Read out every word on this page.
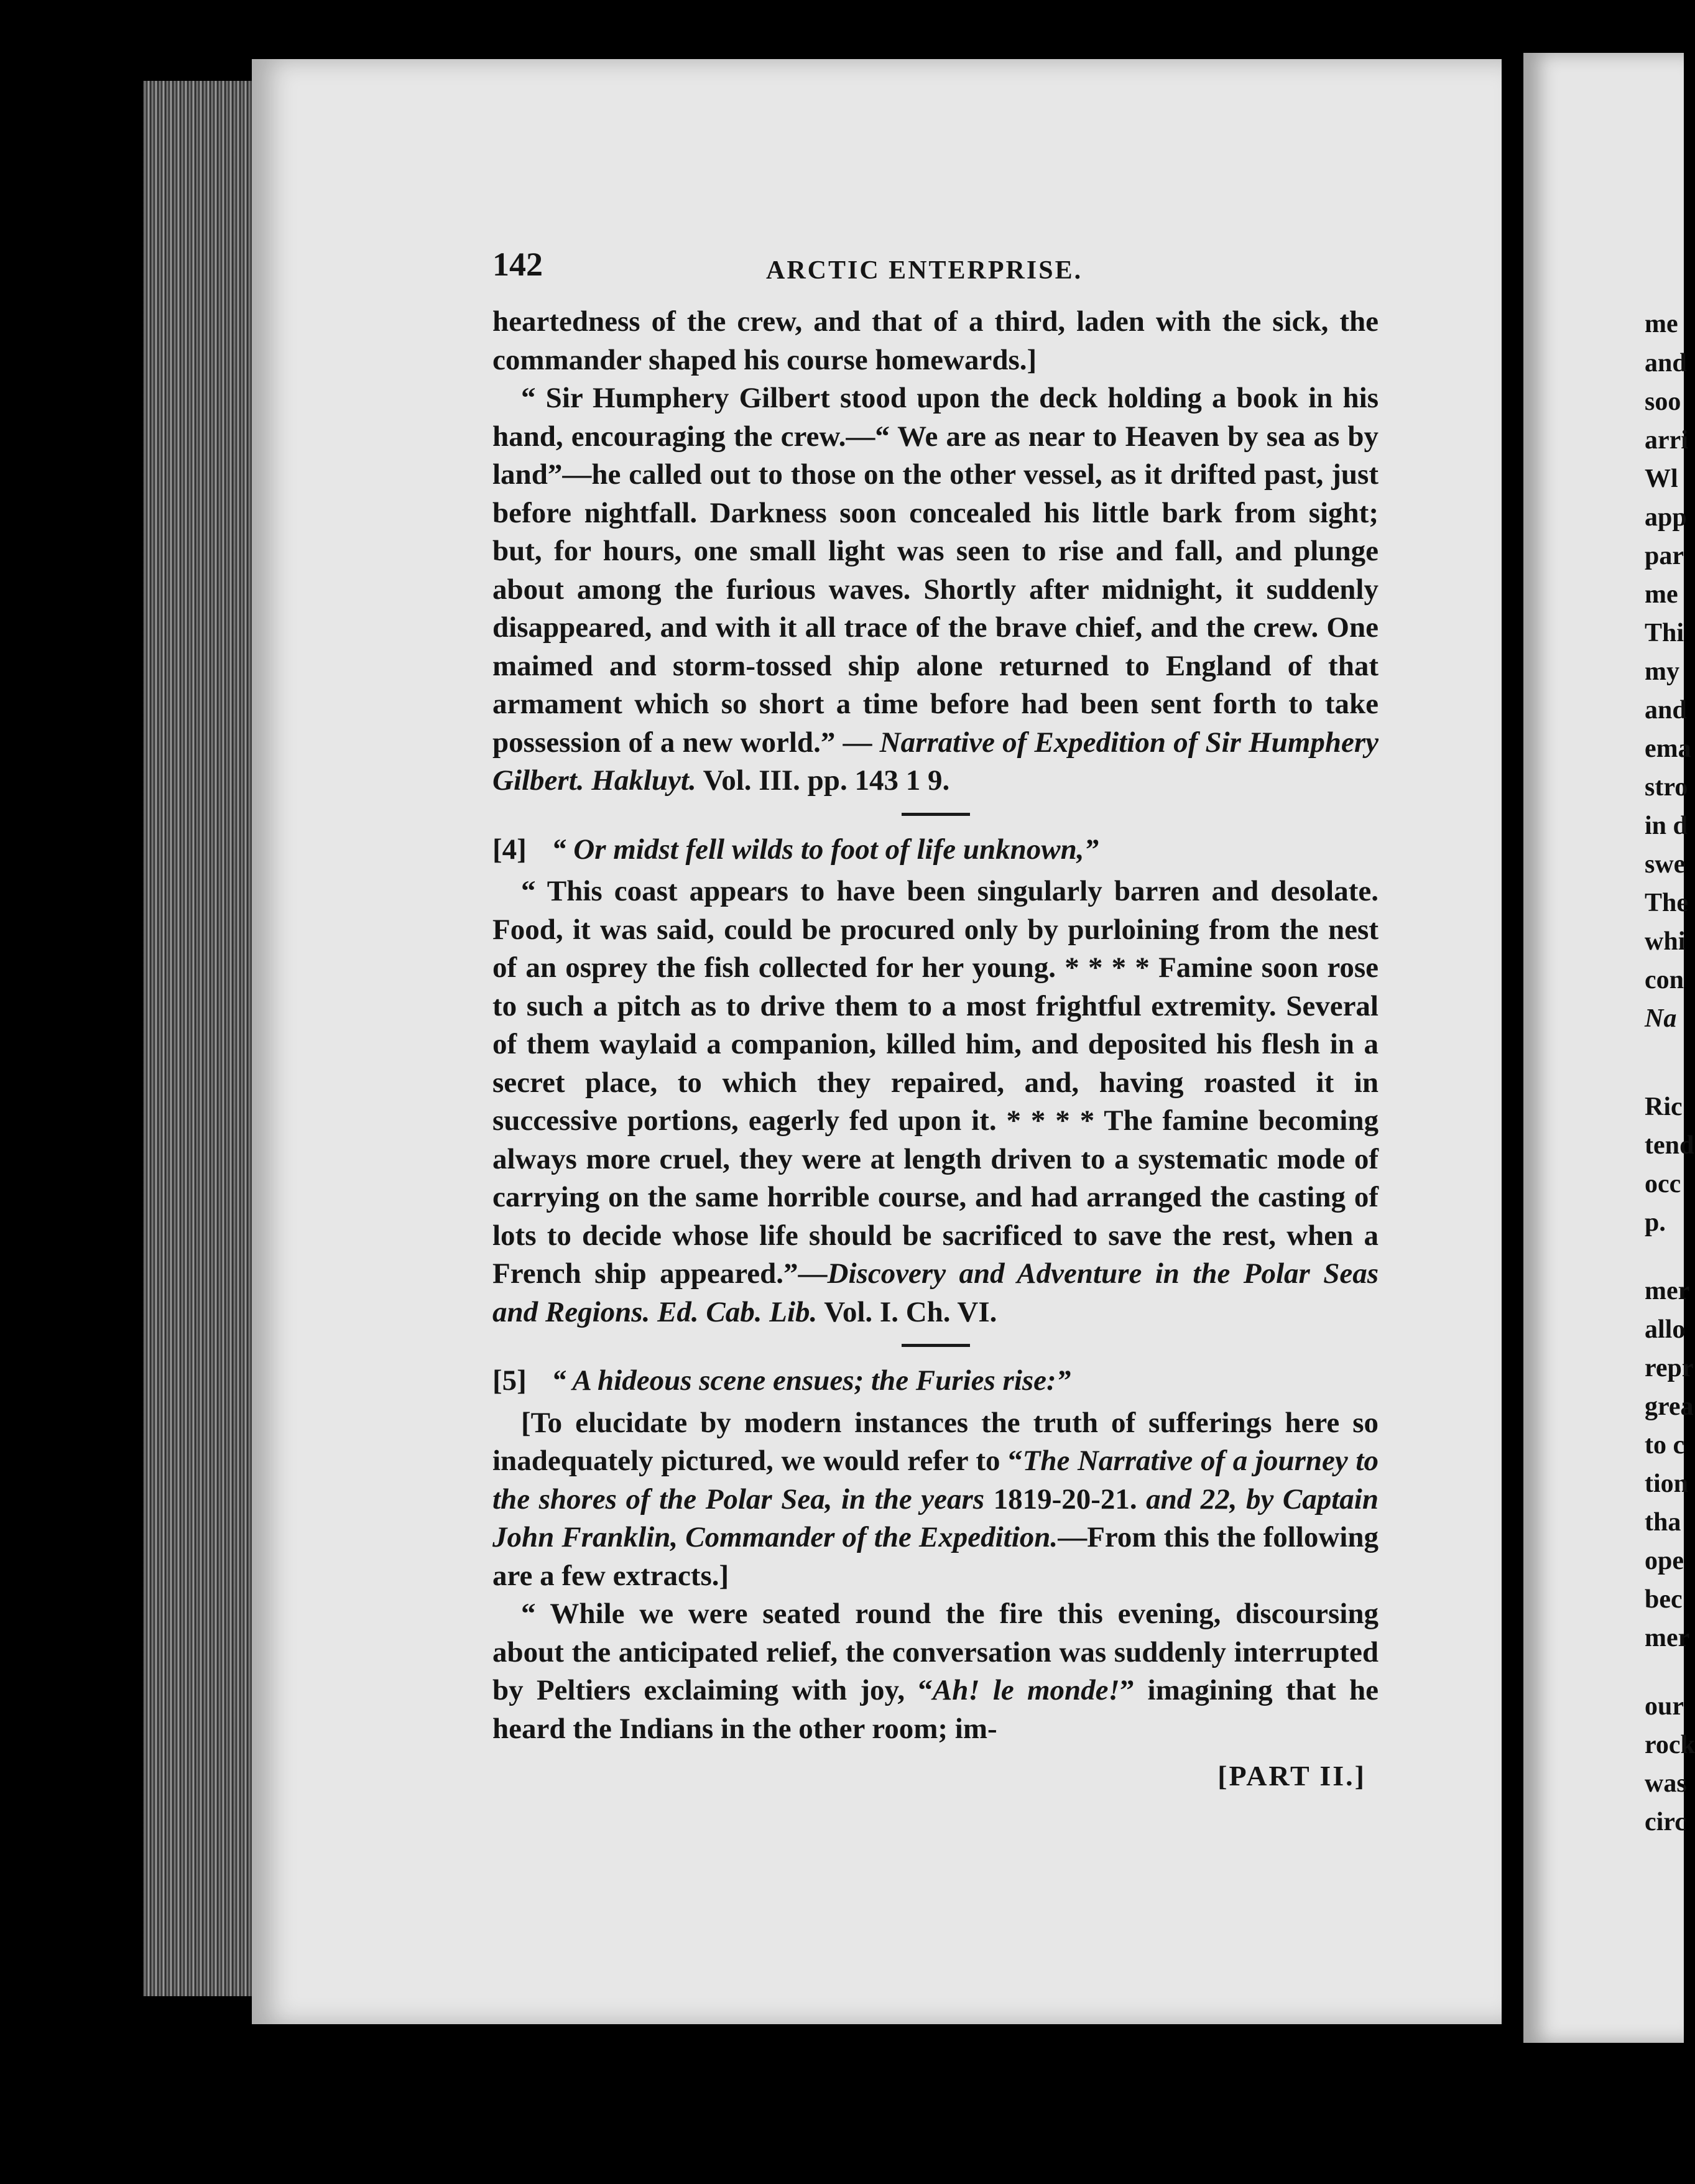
me
and
soo
arri
Wl
app
par
me
Thi
my
and
ema
stro
in d
swe
The
whi
con
Na
Ric
tend
occ
p.
mer
allo
repr
grea
to c
tion
tha
ope
bec
mer
our
rock
was
circ
142	ARCTIC ENTERPRISE.

heartedness of the crew, and that of a third, laden with the sick, the commander shaped his course homewards.]

“ Sir Humphery Gilbert stood upon the deck holding a book in his hand, encouraging the crew.—“ We are as near to Heaven by sea as by land”—he called out to those on the other vessel, as it drifted past, just before nightfall. Darkness soon concealed his little bark from sight; but, for hours, one small light was seen to rise and fall, and plunge about among the furious waves. Shortly after midnight, it suddenly disappeared, and with it all trace of the brave chief, and the crew. One maimed and storm-tossed ship alone returned to England of that armament which so short a time before had been sent forth to take possession of a new world.” — Narrative of Expedition of Sir Humphery Gilbert. Hakluyt. Vol. III. pp. 143 1 9.

[4] “ Or midst fell wilds to foot of life unknown,”

“ This coast appears to have been singularly barren and desolate. Food, it was said, could be procured only by purloining from the nest of an osprey the fish collected for her young. * * * * Famine soon rose to such a pitch as to drive them to a most frightful extremity. Several of them waylaid a companion, killed him, and deposited his flesh in a secret place, to which they repaired, and, having roasted it in successive portions, eagerly fed upon it. * * * * The famine becoming always more cruel, they were at length driven to a systematic mode of carrying on the same horrible course, and had arranged the casting of lots to decide whose life should be sacrificed to save the rest, when a French ship appeared.”—Discovery and Adventure in the Polar Seas and Regions. Ed. Cab. Lib. Vol. I. Ch. VI.

[5] “ A hideous scene ensues; the Furies rise:”

[To elucidate by modern instances the truth of sufferings here so inadequately pictured, we would refer to “The Narrative of a journey to the shores of the Polar Sea, in the years 1819-20-21. and 22, by Captain John Franklin, Commander of the Expedition.—From this the following are a few extracts.]

“ While we were seated round the fire this evening, discoursing about the anticipated relief, the conversation was suddenly interrupted by Peltiers exclaiming with joy, “Ah! le monde!” imagining that he heard the Indians in the other room; im-

[PART II.]
